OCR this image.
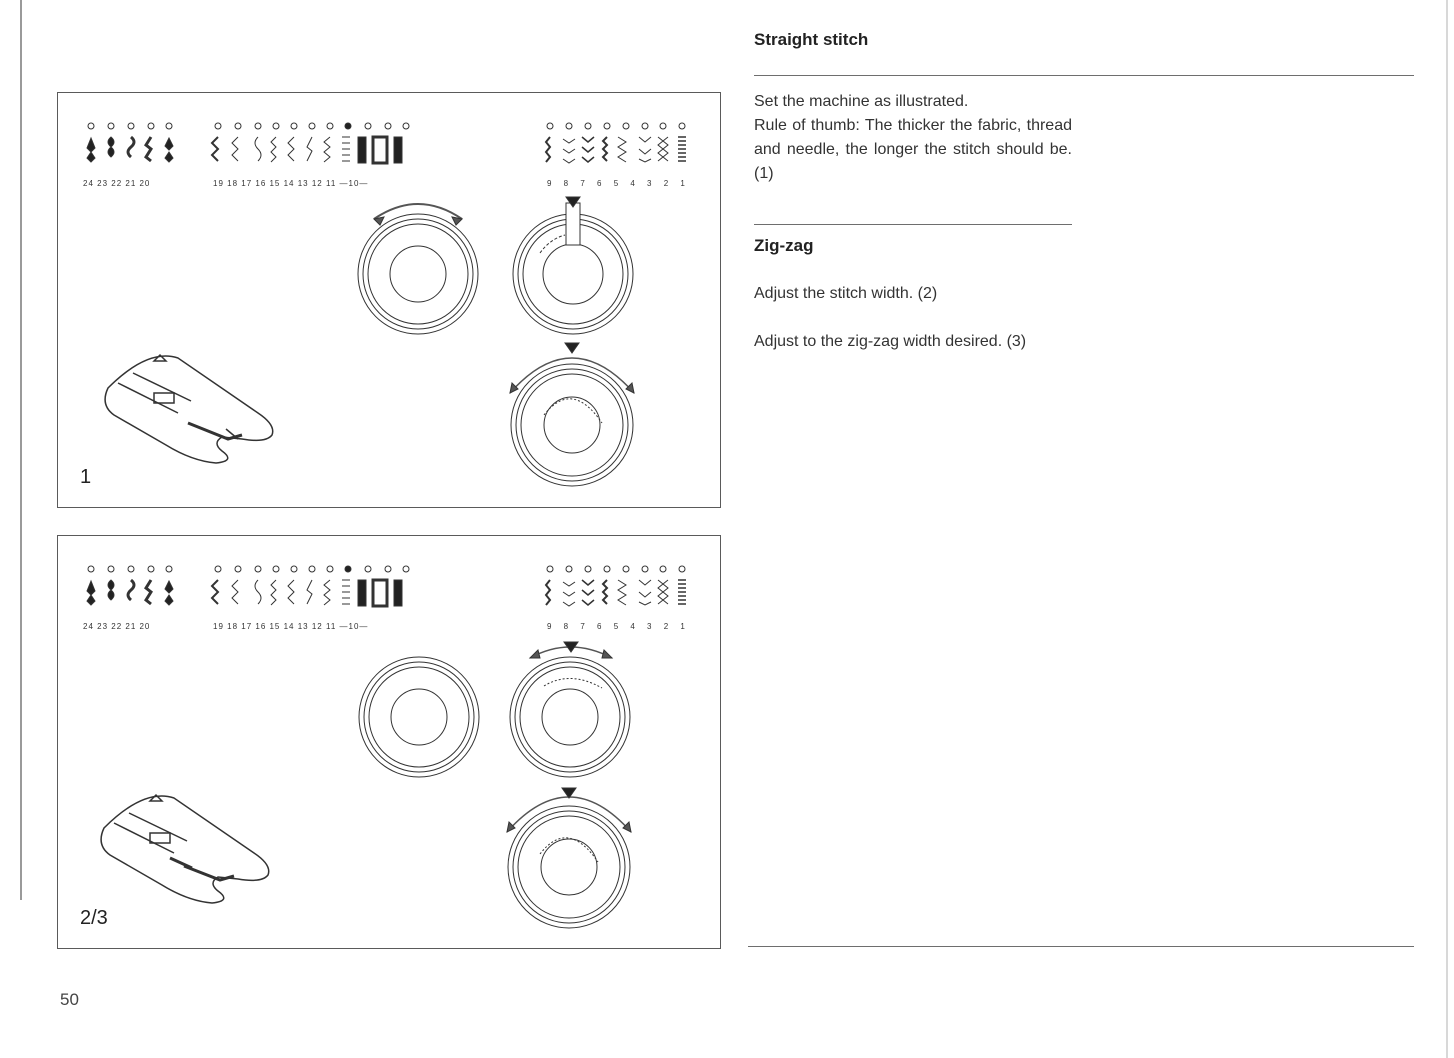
24 23 22 21 20	19 18 17 16 15 14 13 12 11 —10—	9 8 7 6 5 4 3 2 1
1
24 23 22 21 20	19 18 17 16 15 14 13 12 11 —10—	9 8 7 6 5 4 3 2 1
2/3
Straight stitch
Set the machine as illustrated.
Rule of thumb: The thicker the fabric, thread and needle, the longer the stitch should be. (1)
Zig-zag
Adjust the stitch width. (2)
Adjust to the zig-zag width desired. (3)
50
